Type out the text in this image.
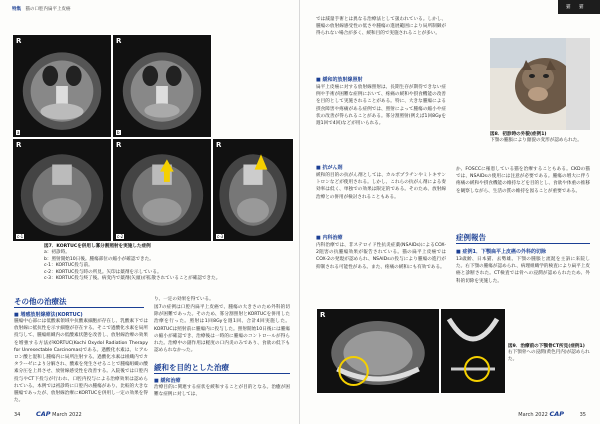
特集　 猫の口腔内扁平上皮癌
R
a
R
b
R
c-1
R
c-2
R
c-3
図7．KORTUCを併用し寡分割照射を実施した症例
a：初診時。
b：照射開始10日後。腫瘍部位の縮小が確認できた。
c-1：KORTUC投与前。
c-2：KORTUC投与時の所見。矢印は薬剤を示している。
c-3：KORTUC投与終了後。病変内で薬剤(矢頭)が拡散されていることが確認できた。
その他の治療法
■ 増感放射線療法(KORTUC)
腫瘍中心部には低酸素領域や抗酸素細胞が存在し、乳酸素下では放射線に抵抗性を示す細胞が存在する。そこで過酸化水素を局所投与して、腫瘍組織内の低酸素状態を改善し、放射線治療の効果を増強する方法がKORTUC(Kochi Oxydol Radiation Therapy for Unresectable Carcinomas)である。過酸化水素は、ヒアルロン酸と混和し腫瘍内に局所注射する。過酸化水素は組織内でカタラーゼにより分解され、酸素を発生させることで腫瘍組織の酸素分圧を上昇させ、放射線感受性を改善する。入院後では口腔内投与やCT下投与が行われ、口腔内投与による治療効果は認められている。本例では初診時に口腔内の腫瘍があり、比較的大きな腫瘍であったが、放射線治療にKORTUCを併用し一定の効果を得た。
り、一定の効果を得ている。
図7の症例は口腔内扁平上皮癌で、腫瘍の大きさのため外科的切除が困難であった。そのため、寡分割照射とKORTUCを併用した治療を行った。照射は1回8Gyを週1回、合計4回実施した。KORTUCは照射前に腫瘍内に投与した。照射開始10日後には腫瘍の縮小が確認でき、治療後は一時的に腫瘍のコントロールが得られた。治療中の副作用は軽度の口内炎のみであり、食欲の低下も認められなかった。
緩和を目的とした治療
■ 緩和治療
治療目的に関連する症状を緩和することが目的となる。治癒が困難な症例に対しては、
34 CAP March 2022
猫　猫
では減量手術とは異なる治療法として扱われている。しかし、腫瘍の放射線感受性の低さや腫瘍の進展範囲により局所制御が得られない場合が多く、緩和目的で実施されることが多い。
■ 緩和的放射線照射
扁平上皮癌に対する放射線照射は、長期生存が期待できない症例や手術が困難な症例において、疼痛の緩和や摂食機能の改善を目的として実施されることがある。特に、大きな腫瘍による摂食障害や疼痛がある症例では、照射によって腫瘍の縮小や症状の改善が得られることがある。寡分割照射(例えば1回8Gyを週1回で4回)などが用いられる。
■ 抗がん剤
緩和的目的の抗がん剤としては、カルボプラチンやミトキサントロンなどが使用される。しかし、これらの抗がん剤による奏効率は低く、単独での効果は限定的である。そのため、放射線治療との併用が検討されることもある。
■ 内科治療
内科治療では、非ステロイド性抗炎症薬(NSAIDs)によるCOX-2阻害の抗腫瘍効果が報告されている。猫の扁平上皮癌ではCOX-2の発現が認められ、NSAIDsの投与により腫瘍の進行が抑制される可能性がある。また、疼痛の緩和にも有効である。
図8．初診時の外貌(症例1)
下顎の腫脹により顔貌の変形が認められた。
か、FOSCCに罹患している猫を治療することもある。CKDの猫では、NSAIDsの使用には注意が必要である。腫瘍の増大に伴う疼痛の緩和や摂食機能の維持などを目的とし、食欲や体重の推移を観察しながら、生活の質の維持を図ることが重要である。
症例報告
■ 症例1．下顎扁平上皮癌の外科的切除
13歳齢、日本猫、去勢雄。下顎の腫脹と流涎を主訴に来院した。右下顎の腫瘍が認められ、病理組織学的検査により扁平上皮癌と診断された。CT検査では骨への浸潤が認められたため、外科的切除を実施した。
R
図9．治療前の下顎骨CT所見(症例1)
右下顎骨への浸潤(黄色円内)が認められた。
March 2022 CAP	35
